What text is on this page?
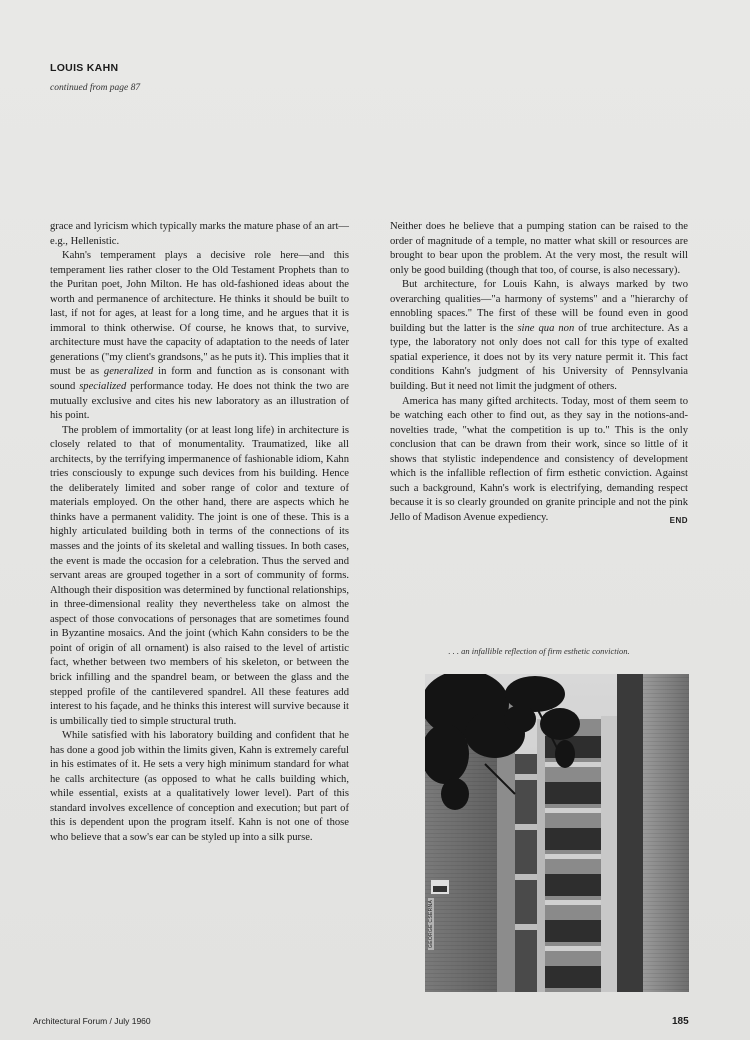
LOUIS KAHN
continued from page 87

grace and lyricism which typically marks the mature phase of an art—e.g., Hellenistic.

Kahn's temperament plays a decisive role here—and this temperament lies rather closer to the Old Testament Prophets than to the Puritan poet, John Milton. He has old-fashioned ideas about the worth and permanence of architecture. He thinks it should be built to last, if not for ages, at least for a long time, and he argues that it is immoral to think otherwise. Of course, he knows that, to survive, architecture must have the capacity of adaptation to the needs of later generations ("my client's grandsons," as he puts it). This implies that it must be as generalized in form and function as is consonant with sound specialized performance today. He does not think the two are mutually exclusive and cites his new laboratory as an illustration of his point.

The problem of immortality (or at least long life) in architecture is closely related to that of monumentality. Traumatized, like all architects, by the terrifying impermanence of fashionable idiom, Kahn tries consciously to expunge such devices from his building. Hence the deliberately limited and sober range of color and texture of materials employed. On the other hand, there are aspects which he thinks have a permanent validity. The joint is one of these. This is a highly articulated building both in terms of the connections of its masses and the joints of its skeletal and walling tissues. In both cases, the event is made the occasion for a celebration. Thus the served and servant areas are grouped together in a sort of community of forms. Although their disposition was determined by functional relationships, in three-dimensional reality they nevertheless take on almost the aspect of those convocations of personages that are sometimes found in Byzantine mosaics. And the joint (which Kahn considers to be the point of origin of all ornament) is also raised to the level of artistic fact, whether between two members of his skeleton, or between the brick infilling and the spandrel beam, or between the glass and the stepped profile of the cantilevered spandrel. All these features add interest to his façade, and he thinks this interest will survive because it is umbilically tied to simple structural truth.

While satisfied with his laboratory building and confident that he has done a good job within the limits given, Kahn is extremely careful in his estimates of it. He sets a very high minimum standard for what he calls architecture (as opposed to what he calls building which, while essential, exists at a qualitatively lower level). Part of this standard involves excellence of conception and execution; but part of this is dependent upon the program itself. Kahn is not one of those who believe that a sow's ear can be styled up into a silk purse.

Neither does he believe that a pumping station can be raised to the order of magnitude of a temple, no matter what skill or resources are brought to bear upon the problem. At the very most, the result will only be good building (though that too, of course, is also necessary).

But architecture, for Louis Kahn, is always marked by two overarching qualities—"a harmony of systems" and a "hierarchy of ennobling spaces." The first of these will be found even in good building but the latter is the sine qua non of true architecture. As a type, the laboratory not only does not call for this type of exalted spatial experience, it does not by its very nature permit it. This fact conditions Kahn's judgment of his University of Pennsylvania building. But it need not limit the judgment of others.

America has many gifted architects. Today, most of them seem to be watching each other to find out, as they say in the notions-and-novelties trade, "what the competition is up to." This is the only conclusion that can be drawn from their work, since so little of it shows that stylistic independence and consistency of development which is the infallible reflection of firm esthetic conviction. Against such a background, Kahn's work is electrifying, demanding respect because it is so clearly grounded on granite principle and not the pink Jello of Madison Avenue expediency.	END

. . . an infallible reflection of firm esthetic conviction.
GEORGE CSERNA
Architectural Forum / July 1960	185
